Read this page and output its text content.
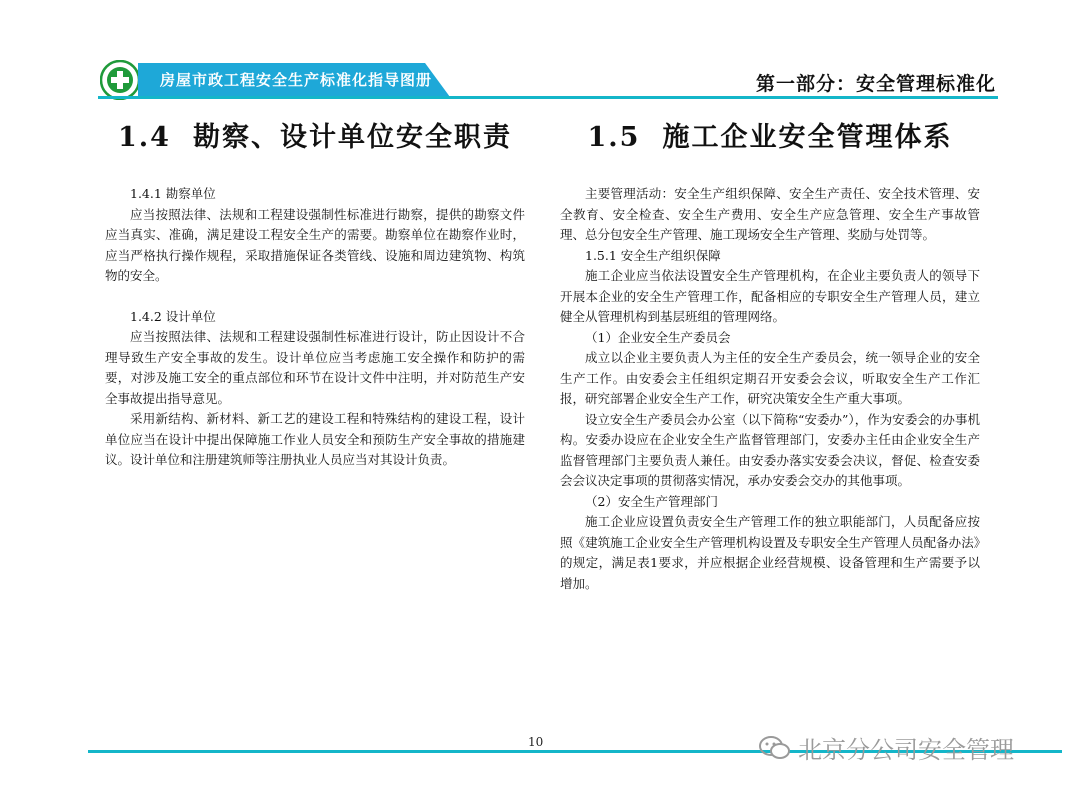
房屋市政工程安全生产标准化指导图册	第一部分：安全管理标准化
1.4 勘察、设计单位安全职责

1.4.1 勘察单位

应当按照法律、法规和工程建设强制性标准进行勘察，提供的勘察文件应当真实、准确，满足建设工程安全生产的需要。勘察单位在勘察作业时，应当严格执行操作规程，采取措施保证各类管线、设施和周边建筑物、构筑物的安全。

1.4.2 设计单位

应当按照法律、法规和工程建设强制性标准进行设计，防止因设计不合理导致生产安全事故的发生。设计单位应当考虑施工安全操作和防护的需要，对涉及施工安全的重点部位和环节在设计文件中注明，并对防范生产安全事故提出指导意见。

采用新结构、新材料、新工艺的建设工程和特殊结构的建设工程，设计单位应当在设计中提出保障施工作业人员安全和预防生产安全事故的措施建议。设计单位和注册建筑师等注册执业人员应当对其设计负责。

1.5 施工企业安全管理体系

主要管理活动：安全生产组织保障、安全生产责任、安全技术管理、安全教育、安全检查、安全生产费用、安全生产应急管理、安全生产事故管理、总分包安全生产管理、施工现场安全生产管理、奖励与处罚等。

1.5.1 安全生产组织保障

施工企业应当依法设置安全生产管理机构，在企业主要负责人的领导下开展本企业的安全生产管理工作，配备相应的专职安全生产管理人员，建立健全从管理机构到基层班组的管理网络。

（1）企业安全生产委员会

成立以企业主要负责人为主任的安全生产委员会，统一领导企业的安全生产工作。由安委会主任组织定期召开安委会会议，听取安全生产工作汇报，研究部署企业安全生产工作，研究决策安全生产重大事项。

设立安全生产委员会办公室（以下简称“安委办”），作为安委会的办事机构。安委办设应在企业安全生产监督管理部门，安委办主任由企业安全生产监督管理部门主要负责人兼任。由安委办落实安委会决议，督促、检查安委会会议决定事项的贯彻落实情况，承办安委会交办的其他事项。

（2）安全生产管理部门

施工企业应设置负责安全生产管理工作的独立职能部门，人员配备应按照《建筑施工企业安全生产管理机构设置及专职安全生产管理人员配备办法》的规定，满足表1要求，并应根据企业经营规模、设备管理和生产需要予以增加。

10	北京分公司安全管理
